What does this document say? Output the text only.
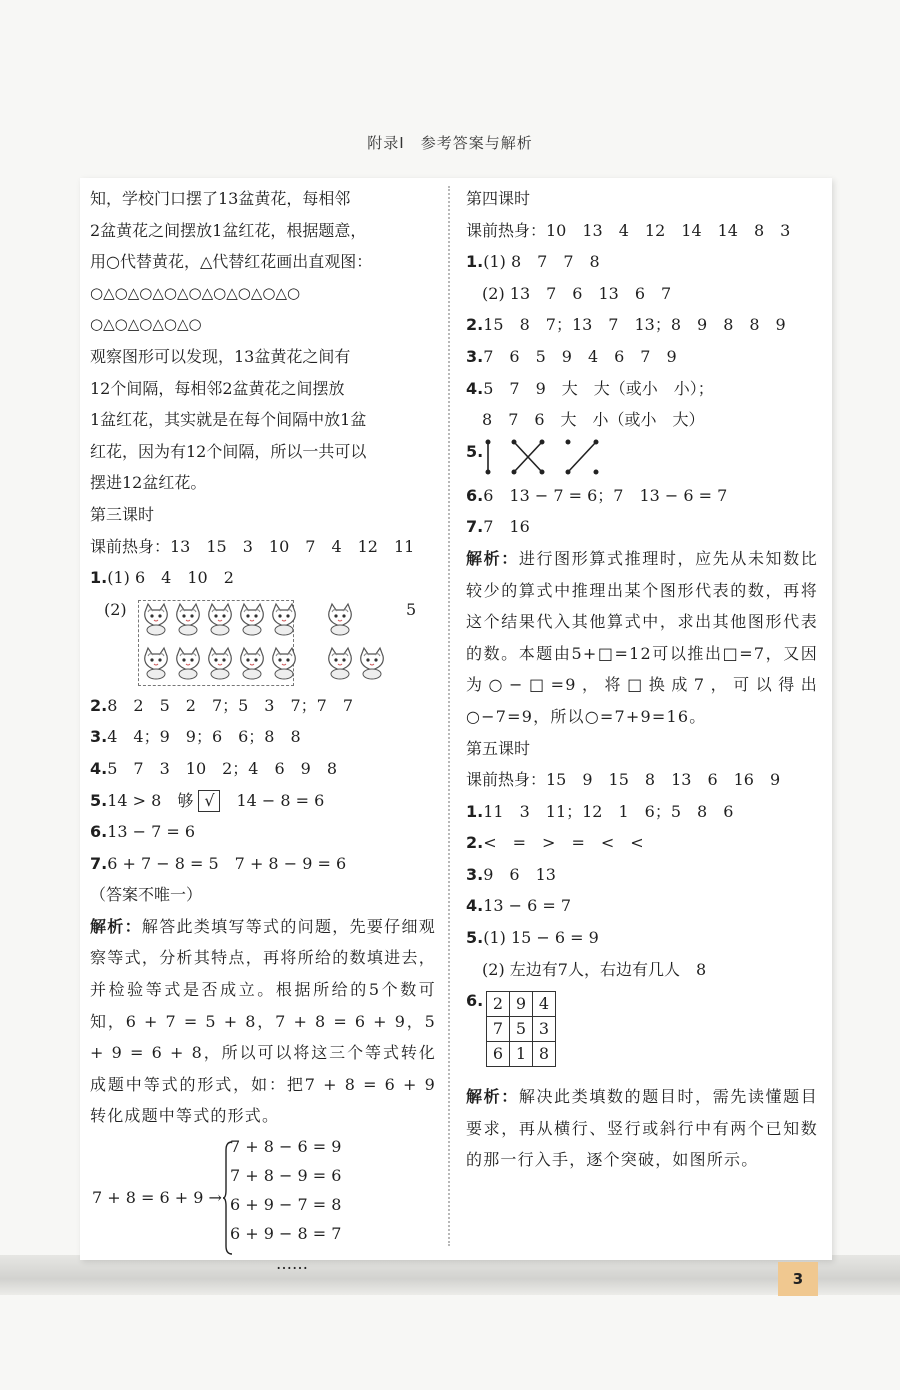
附录Ⅰ　参考答案与解析
知，学校门口摆了13盆黄花，每相邻
2盆黄花之间摆放1盆红花，根据题意，
用○代替黄花，△代替红花画出直观图：
○△○△○△○△○△○△○△○△○
○△○△○△○△○
观察图形可以发现，13盆黄花之间有
12个间隔，每相邻2盆黄花之间摆放
1盆红花，其实就是在每个间隔中放1盆
红花，因为有12个间隔，所以一共可以
摆进12盆红花。
第三课时
课前热身：13　15　3　10　7　4　12　11
1.(1) 6　4　10　2
(2)	5
2.8　2　5　2　7；5　3　7；7　7
3.4　4；9　9；6　6；8　8
4.5　7　3　10　2；4　6　9　8
5.14 > 8　够 √　 14 − 8 = 6
6.13 − 7 = 6
7.6 + 7 − 8 = 5　7 + 8 − 9 = 6
（答案不唯一）
解析：解答此类填写等式的问题，先要仔细观察等式，分析其特点，再将所给的数填进去，并检验等式是否成立。根据所给的5个数可知，6 + 7 = 5 + 8，7 + 8 = 6 + 9，5 + 9 = 6 + 8，所以可以将这三个等式转化成题中等式的形式，如：把7 + 8 = 6 + 9转化成题中等式的形式。
7 + 8 = 6 + 9 →
7 + 8 − 6 = 9
7 + 8 − 9 = 6
6 + 9 − 7 = 8
6 + 9 − 8 = 7
……
第四课时
课前热身：10　13　4　12　14　14　8　3
1.(1) 8　7　7　8
　(2) 13　7　6　13　6　7
2.15　8　7；13　7　13；8　9　8　8　9
3.7　6　5　9　4　6　7　9
4.5　7　9　大　大（或小　小）；
　8　7　6　大　小（或小　大）
5.
6.6　13 − 7 = 6；7　13 − 6 = 7
7.7　16
解析：进行图形算式推理时，应先从未知数比较少的算式中推理出某个图形代表的数，再将这个结果代入其他算式中，求出其他图形代表的数。本题由5+□=12可以推出□=7，又因为○−□=9，将□换成7，可以得出○−7=9，所以○=7+9=16。
第五课时
课前热身：15　9　15　8　13　6　16　9
1.11　3　11；12　1　6；5　8　6
2.<　=　>　=　<　<
3.9　6　13
4.13 − 6 = 7
5.(1) 15 − 6 = 9
　(2) 左边有7人，右边有几人　8
6. 2	9	4
7	5	3
6	1	8
解析：解决此类填数的题目时，需先读懂题目要求，再从横行、竖行或斜行中有两个已知数的那一行入手，逐个突破，如图所示。
3
